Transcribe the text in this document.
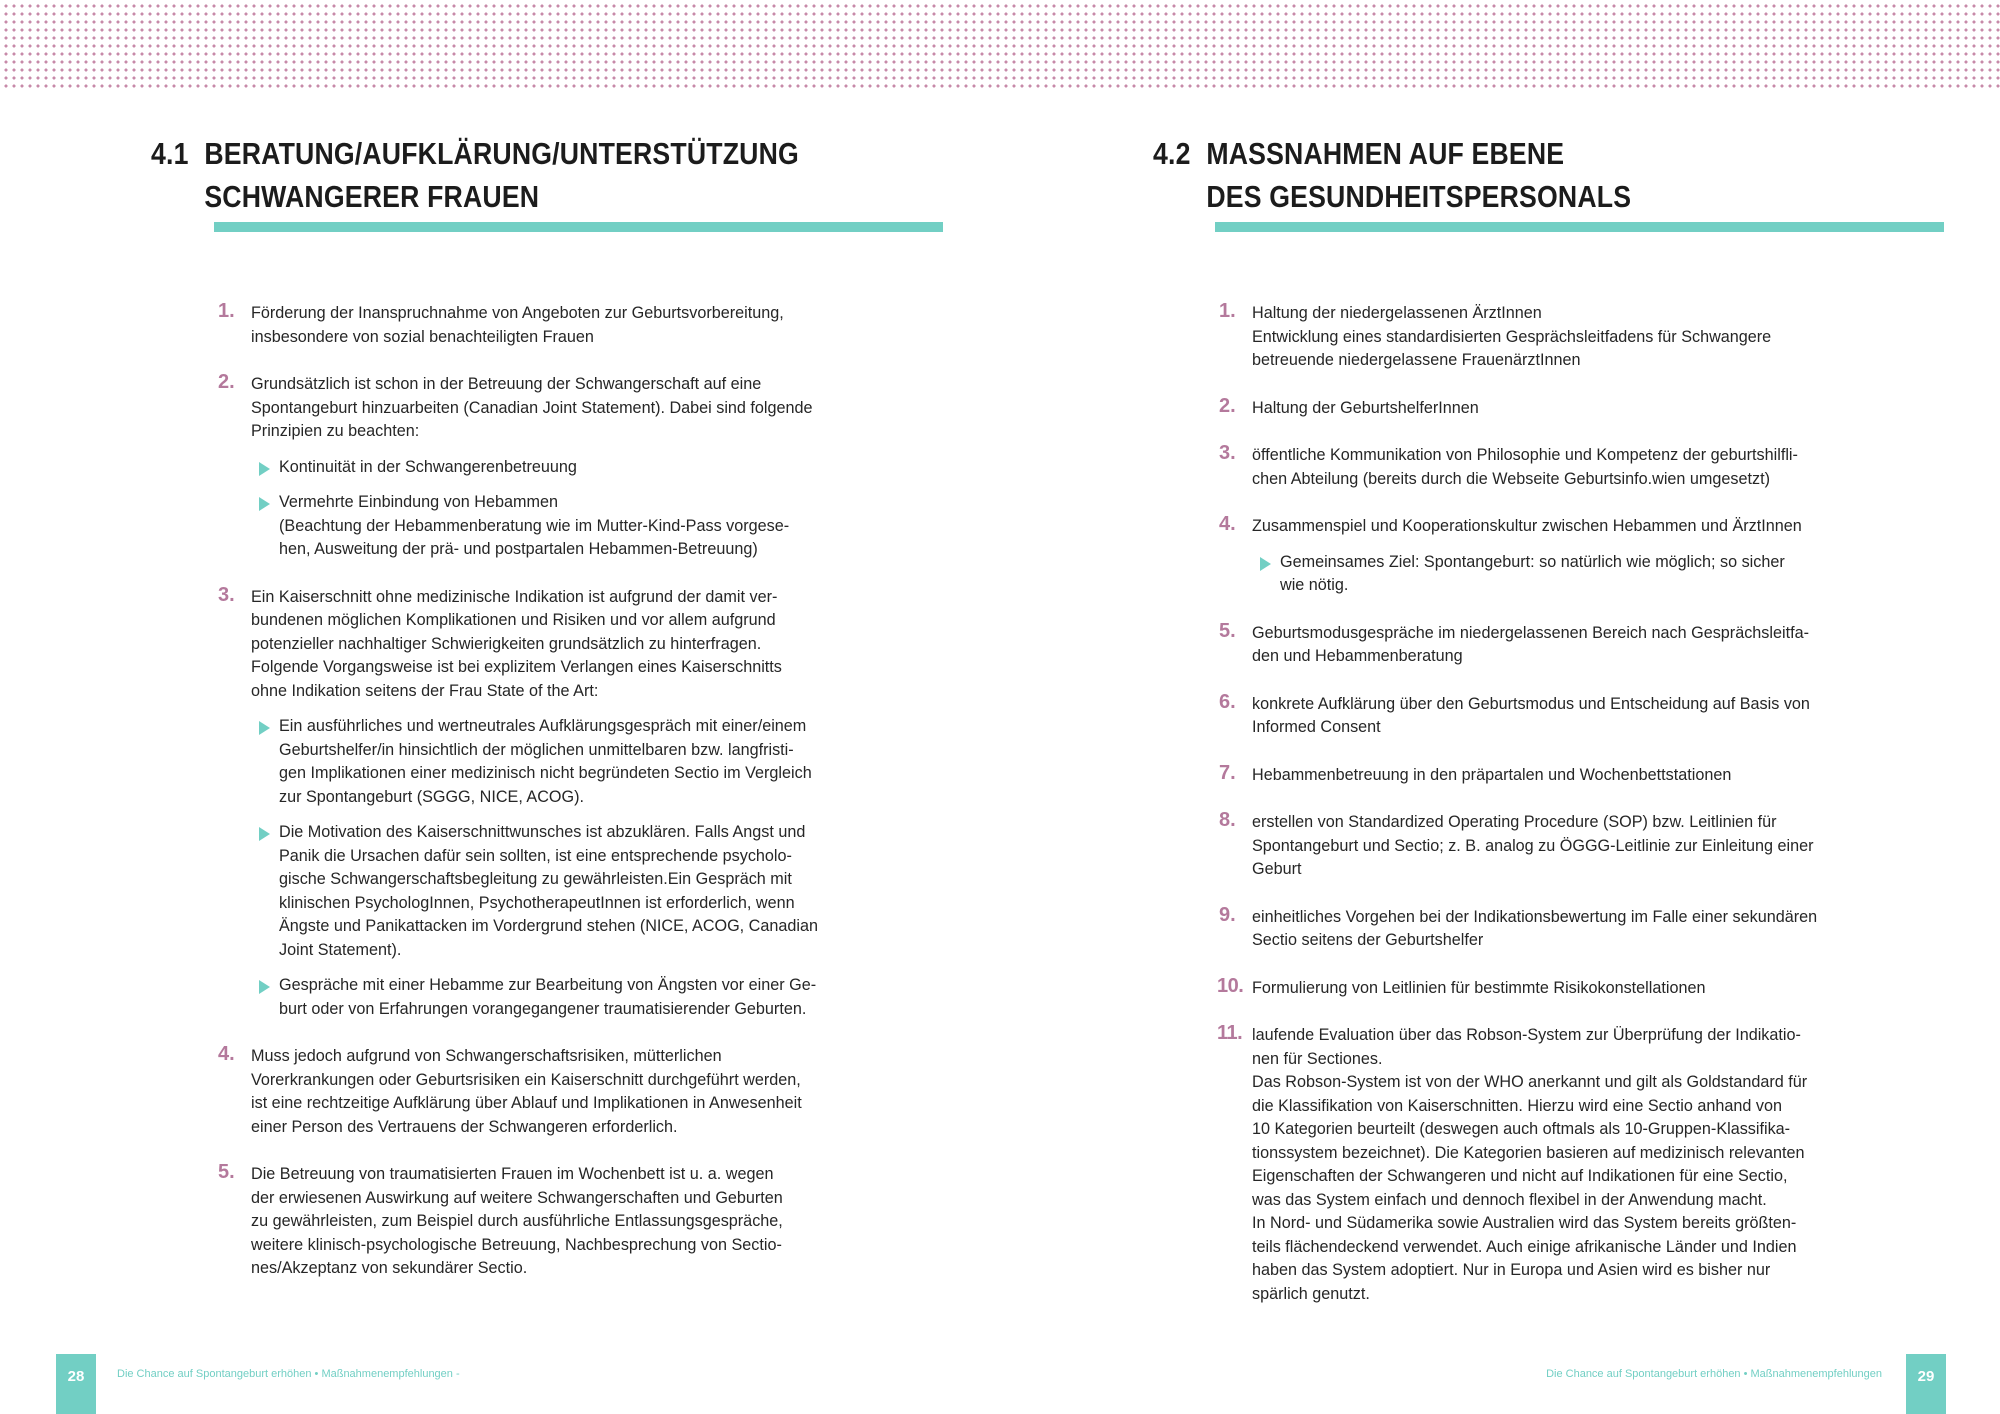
4.1 BERATUNG/AUFKLÄRUNG/UNTERSTÜTZUNG
SCHWANGERER FRAUEN
1. Förderung der Inanspruchnahme von Angeboten zur Geburtsvorbereitung,
insbesondere von sozial benachteiligten Frauen
2. Grundsätzlich ist schon in der Betreuung der Schwangerschaft auf eine
Spontangeburt hinzuarbeiten (Canadian Joint Statement). Dabei sind folgende
Prinzipien zu beachten:
Kontinuität in der Schwangerenbetreuung
Vermehrte Einbindung von Hebammen
(Beachtung der Hebammenberatung wie im Mutter-Kind-Pass vorgese-
hen, Ausweitung der prä- und postpartalen Hebammen-Betreuung)
3. Ein Kaiserschnitt ohne medizinische Indikation ist aufgrund der damit ver-
bundenen möglichen Komplikationen und Risiken und vor allem aufgrund
potenzieller nachhaltiger Schwierigkeiten grundsätzlich zu hinterfragen.
Folgende Vorgangsweise ist bei explizitem Verlangen eines Kaiserschnitts
ohne Indikation seitens der Frau State of the Art:
Ein ausführliches und wertneutrales Aufklärungsgespräch mit einer/einem
Geburtshelfer/in hinsichtlich der möglichen unmittelbaren bzw. langfristi-
gen Implikationen einer medizinisch nicht begründeten Sectio im Vergleich
zur Spontangeburt (SGGG, NICE, ACOG).
Die Motivation des Kaiserschnittwunsches ist abzuklären. Falls Angst und
Panik die Ursachen dafür sein sollten, ist eine entsprechende psycholo-
gische Schwangerschaftsbegleitung zu gewährleisten.Ein Gespräch mit
klinischen PsychologInnen, PsychotherapeutInnen ist erforderlich, wenn
Ängste und Panikattacken im Vordergrund stehen (NICE, ACOG, Canadian
Joint Statement).
Gespräche mit einer Hebamme zur Bearbeitung von Ängsten vor einer Ge-
burt oder von Erfahrungen vorangegangener traumatisierender Geburten.
4. Muss jedoch aufgrund von Schwangerschaftsrisiken, mütterlichen
Vorerkrankungen oder Geburtsrisiken ein Kaiserschnitt durchgeführt werden,
ist eine rechtzeitige Aufklärung über Ablauf und Implikationen in Anwesenheit
einer Person des Vertrauens der Schwangeren erforderlich.
5. Die Betreuung von traumatisierten Frauen im Wochenbett ist u. a. wegen
der erwiesenen Auswirkung auf weitere Schwangerschaften und Geburten
zu gewährleisten, zum Beispiel durch ausführliche Entlassungsgespräche,
weitere klinisch-psychologische Betreuung, Nachbesprechung von Sectio-
nes/Akzeptanz von sekundärer Sectio.
28	Die Chance auf Spontangeburt erhöhen • Maßnahmenempfehlungen -
4.2 MASSNAHMEN AUF EBENE
DES GESUNDHEITSPERSONALS
1. Haltung der niedergelassenen ÄrztInnen
Entwicklung eines standardisierten Gesprächsleitfadens für Schwangere
betreuende niedergelassene FrauenärztInnen
2. Haltung der GeburtshelferInnen
3. öffentliche Kommunikation von Philosophie und Kompetenz der geburtshilfli-
chen Abteilung (bereits durch die Webseite Geburtsinfo.wien umgesetzt)
4. Zusammenspiel und Kooperationskultur zwischen Hebammen und ÄrztInnen
Gemeinsames Ziel: Spontangeburt: so natürlich wie möglich; so sicher
wie nötig.
5. Geburtsmodusgespräche im niedergelassenen Bereich nach Gesprächsleitfa-
den und Hebammenberatung
6. konkrete Aufklärung über den Geburtsmodus und Entscheidung auf Basis von
Informed Consent
7. Hebammenbetreuung in den präpartalen und Wochenbettstationen
8. erstellen von Standardized Operating Procedure (SOP) bzw. Leitlinien für
Spontangeburt und Sectio; z. B. analog zu ÖGGG-Leitlinie zur Einleitung einer
Geburt
9. einheitliches Vorgehen bei der Indikationsbewertung im Falle einer sekundären
Sectio seitens der Geburtshelfer
10. Formulierung von Leitlinien für bestimmte Risikokonstellationen
11. laufende Evaluation über das Robson-System zur Überprüfung der Indikatio-
nen für Sectiones.
Das Robson-System ist von der WHO anerkannt und gilt als Goldstandard für
die Klassifikation von Kaiserschnitten. Hierzu wird eine Sectio anhand von
10 Kategorien beurteilt (deswegen auch oftmals als 10-Gruppen-Klassifika-
tionssystem bezeichnet). Die Kategorien basieren auf medizinisch relevanten
Eigenschaften der Schwangeren und nicht auf Indikationen für eine Sectio,
was das System einfach und dennoch flexibel in der Anwendung macht.
In Nord- und Südamerika sowie Australien wird das System bereits größten-
teils flächendeckend verwendet. Auch einige afrikanische Länder und Indien
haben das System adoptiert. Nur in Europa und Asien wird es bisher nur
spärlich genutzt.
Die Chance auf Spontangeburt erhöhen • Maßnahmenempfehlungen	29
